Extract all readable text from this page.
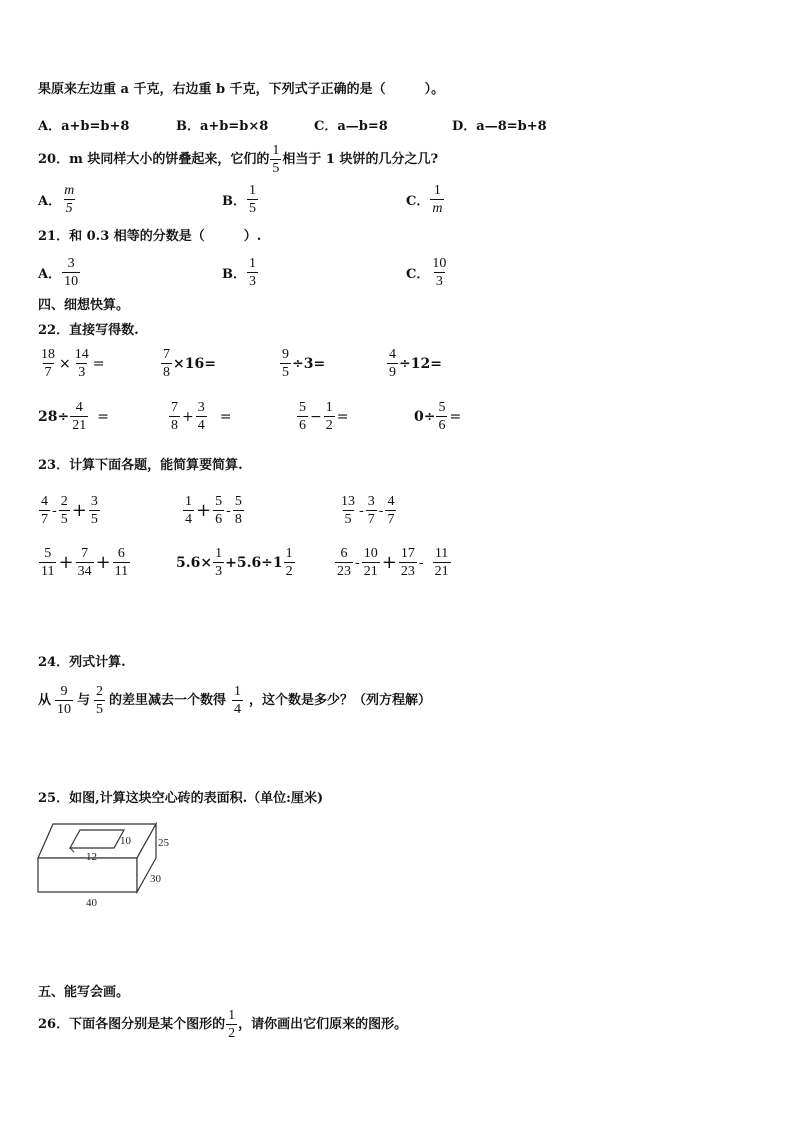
果原来左边重 a 千克，右边重 b 千克，下列式子正确的是（　　　）。
A．a+b=b+8	B．a+b=b×8	C．a—b=8	D．a—8=b+8
20．m 块同样大小的饼叠起来，它们的 $\frac{1}{5}$ 相当于 1 块饼的几分之几?
A． $\frac{m}{5}$	B． $\frac{1}{5}$	C． $\frac{1}{m}$
21．和 0.3 相等的分数是（　　　）.
A． $\frac{3}{10}$	B． $\frac{1}{3}$	C． $\frac{10}{3}$
四、细想快算。
22．直接写得数.
$\frac{18}{7} \times \frac{14}{3}$ =	$\frac{7}{8} \times 16=$	$\frac{9}{5} \div 3=$	$\frac{4}{9} \div 12=$
$28\div \frac{4}{21}$ =	$\frac{7}{8} + \frac{3}{4}$ =	$\frac{5}{6} - \frac{1}{2}$ =	$0\div \frac{5}{6}$ =
23．计算下面各题，能简算要简算.
$\frac{4}{7} - \frac{2}{5} + \frac{3}{5}$	$\frac{1}{4} + \frac{5}{6} - \frac{5}{8}$	$\frac{13}{5} - \frac{3}{7} - \frac{4}{7}$
$\frac{5}{11} + \frac{7}{34} + \frac{6}{11}$	$5.6\times \frac{1}{3} +5.6\div 1 \frac{1}{2}$	$\frac{6}{23} - \frac{10}{21} + \frac{17}{23} - \frac{11}{21}$
24．列式计算.
从 $\frac{9}{10}$ 与 $\frac{2}{5}$ 的差里减去一个数得 $\frac{1}{4}$ ，这个数是多少？（列方程解）
25．如图,计算这块空心砖的表面积.（单位:厘米)
12
10 25
30
40
五、能写会画。
26．下面各图分别是某个图形的 $\frac{1}{2}$ ，请你画出它们原来的图形。
